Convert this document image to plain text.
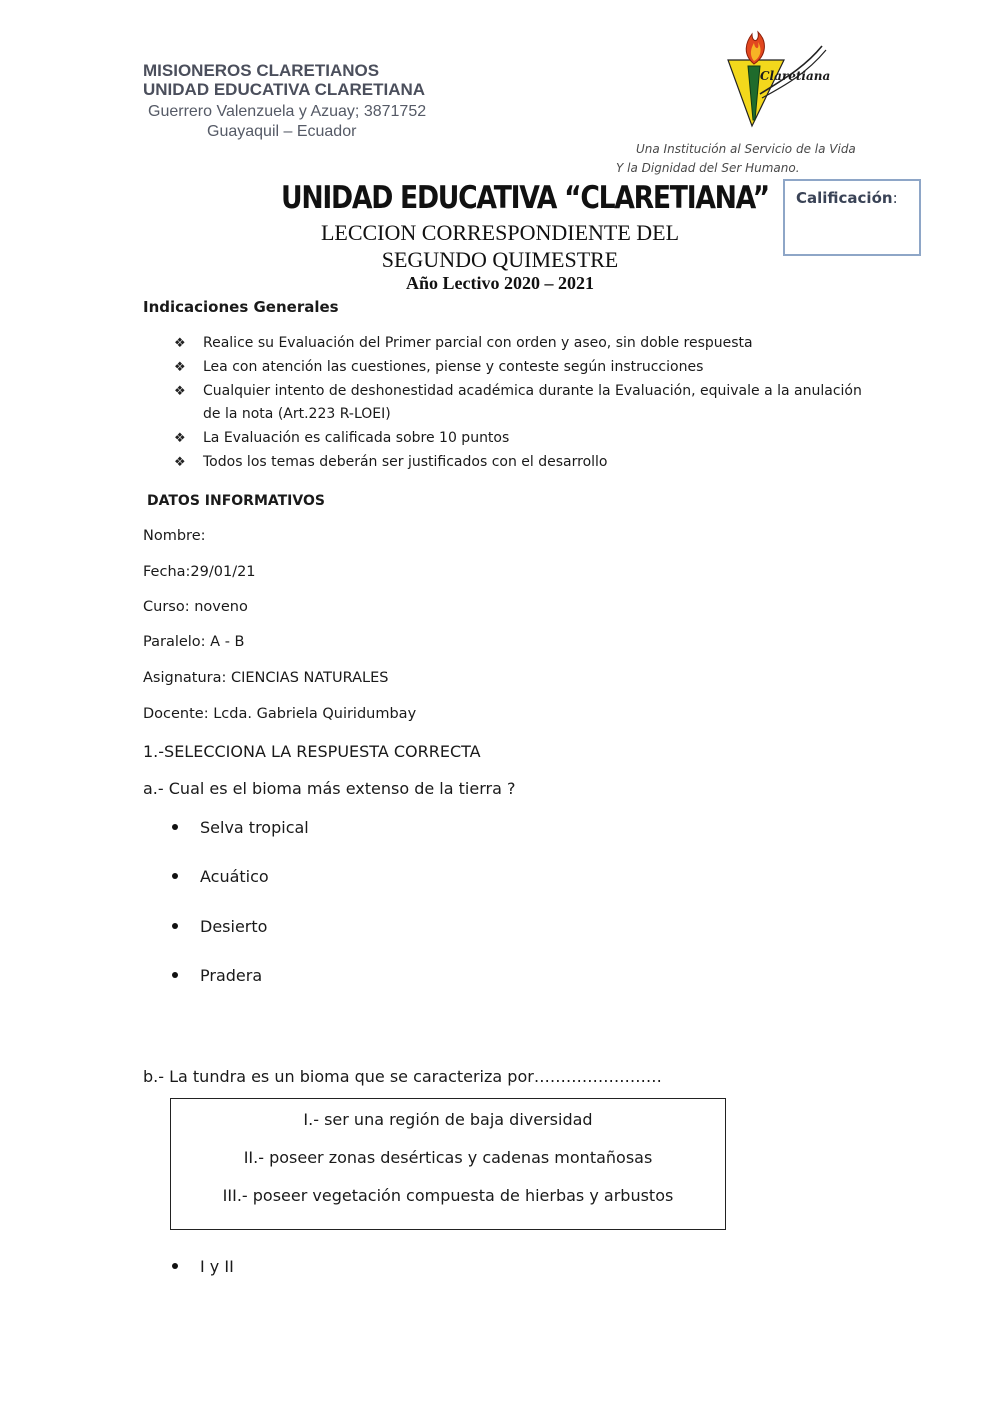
MISIONEROS CLARETIANOS
UNIDAD EDUCATIVA CLARETIANA
Guerrero Valenzuela y Azuay; 3871752
Guayaquil – Ecuador
Claretiana
Una Institución al Servicio de la Vida
Y la Dignidad del Ser Humano.
UNIDAD EDUCATIVA “CLARETIANA”
LECCION CORRESPONDIENTE DEL
SEGUNDO QUIMESTRE
Año Lectivo 2020 – 2021
Calificación:
Indicaciones Generales
❖	Realice su Evaluación del Primer parcial con orden y aseo, sin doble respuesta
❖	Lea con atención las cuestiones, piense y conteste según instrucciones
❖	Cualquier intento de deshonestidad académica durante la Evaluación, equivale a la anulación de la nota (Art.223 R-LOEI)
❖	La Evaluación es calificada sobre 10 puntos
❖	Todos los temas deberán ser justificados con el desarrollo
DATOS INFORMATIVOS
Nombre:
Fecha:29/01/21
Curso: noveno
Paralelo: A - B
Asignatura: CIENCIAS NATURALES
Docente: Lcda. Gabriela Quiridumbay
1.-SELECCIONA LA RESPUESTA CORRECTA
a.- Cual es el bioma más extenso de la tierra ?
Selva tropical
Acuático
Desierto
Pradera
b.- La tundra es un bioma que se caracteriza por……………………
I.- ser una región de baja diversidad
II.- poseer zonas desérticas y cadenas montañosas
III.- poseer vegetación compuesta de hierbas y arbustos
I y II
